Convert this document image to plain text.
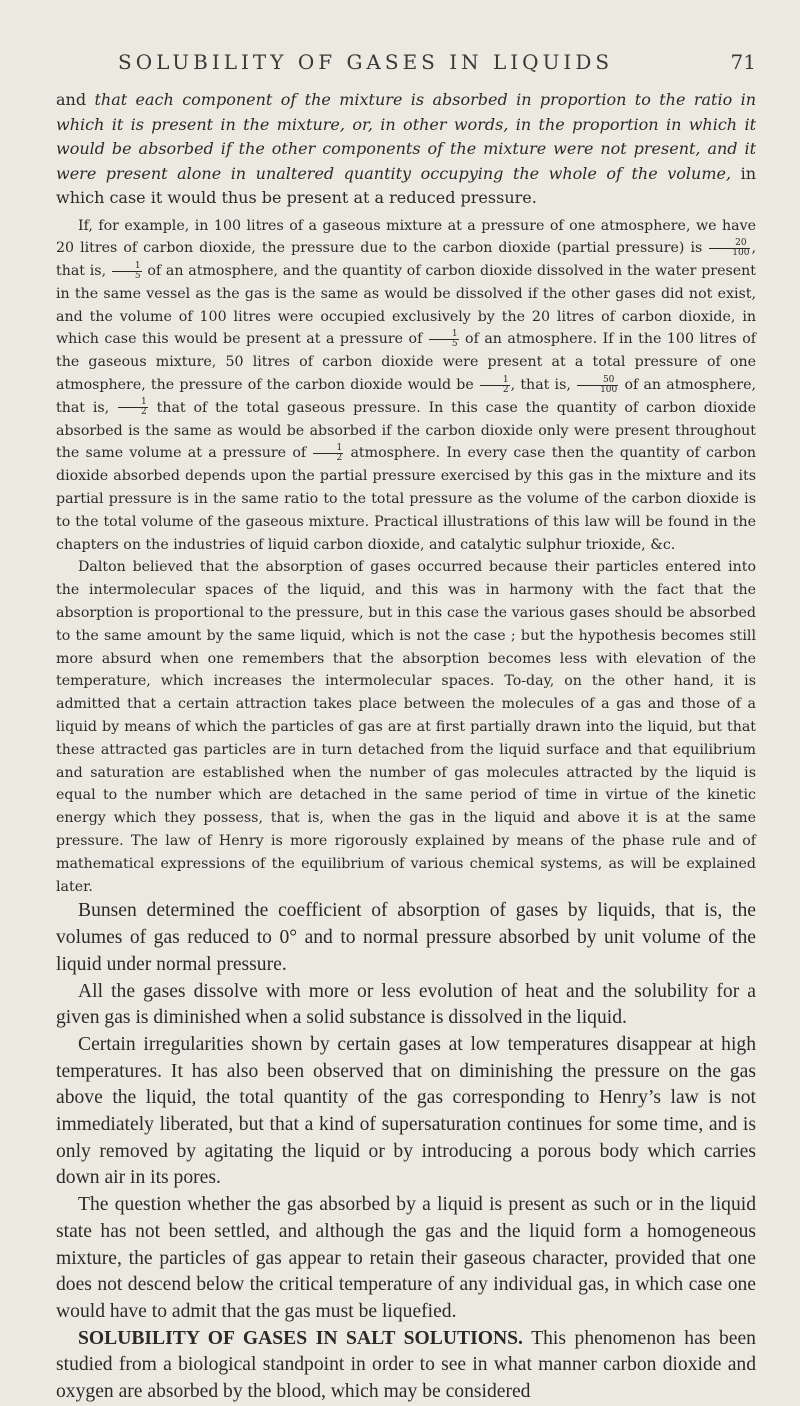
SOLUBILITY OF GASES IN LIQUIDS	71

and that each component of the mixture is absorbed in proportion to the ratio in which it is present in the mixture, or, in other words, in the proportion in which it would be absorbed if the other components of the mixture were not present, and it were present alone in unaltered quantity occupying the whole of the volume, in which case it would thus be present at a reduced pressure.

If, for example, in 100 litres of a gaseous mixture at a pressure of one atmosphere, we have 20 litres of carbon dioxide, the pressure due to the carbon dioxide (partial pressure) is $\frac{20}{100}$ , that is, $\frac{1}{5}$ of an atmosphere, and the quantity of carbon dioxide dissolved in the water present in the same vessel as the gas is the same as would be dissolved if the other gases did not exist, and the volume of 100 litres were occupied exclusively by the 20 litres of carbon dioxide, in which case this would be present at a pressure of $\frac{1}{5}$ of an atmosphere. If in the 100 litres of the gaseous mixture, 50 litres of carbon dioxide were present at a total pressure of one atmosphere, the pressure of the carbon dioxide would be $\frac{1}{2}$ , that is, $\frac{50}{100}$ of an atmosphere, that is, $\frac{1}{2}$ that of the total gaseous pressure. In this case the quantity of carbon dioxide absorbed is the same as would be absorbed if the carbon dioxide only were present throughout the same volume at a pressure of $\frac{1}{2}$ atmosphere. In every case then the quantity of carbon dioxide absorbed depends upon the partial pressure exercised by this gas in the mixture and its partial pressure is in the same ratio to the total pressure as the volume of the carbon dioxide is to the total volume of the gaseous mixture. Practical illustrations of this law will be found in the chapters on the industries of liquid carbon dioxide, and catalytic sulphur trioxide, &c.

Dalton believed that the absorption of gases occurred because their particles entered into the intermolecular spaces of the liquid, and this was in harmony with the fact that the absorption is proportional to the pressure, but in this case the various gases should be absorbed to the same amount by the same liquid, which is not the case ; but the hypothesis becomes still more absurd when one remembers that the absorption becomes less with elevation of the temperature, which increases the intermolecular spaces. To-day, on the other hand, it is admitted that a certain attraction takes place between the molecules of a gas and those of a liquid by means of which the particles of gas are at first partially drawn into the liquid, but that these attracted gas particles are in turn detached from the liquid surface and that equilibrium and saturation are established when the number of gas molecules attracted by the liquid is equal to the number which are detached in the same period of time in virtue of the kinetic energy which they possess, that is, when the gas in the liquid and above it is at the same pressure. The law of Henry is more rigorously explained by means of the phase rule and of mathematical expressions of the equilibrium of various chemical systems, as will be explained later.

Bunsen determined the coefficient of absorption of gases by liquids, that is, the volumes of gas reduced to 0° and to normal pressure absorbed by unit volume of the liquid under normal pressure.

All the gases dissolve with more or less evolution of heat and the solubility for a given gas is diminished when a solid substance is dissolved in the liquid.

Certain irregularities shown by certain gases at low temperatures disappear at high temperatures. It has also been observed that on diminishing the pressure on the gas above the liquid, the total quantity of the gas corresponding to Henry’s law is not immediately liberated, but that a kind of supersaturation continues for some time, and is only removed by agitating the liquid or by introducing a porous body which carries down air in its pores.

The question whether the gas absorbed by a liquid is present as such or in the liquid state has not been settled, and although the gas and the liquid form a homogeneous mixture, the particles of gas appear to retain their gaseous character, provided that one does not descend below the critical temperature of any individual gas, in which case one would have to admit that the gas must be liquefied.

SOLUBILITY OF GASES IN SALT SOLUTIONS. This phenomenon has been studied from a biological standpoint in order to see in what manner carbon dioxide and oxygen are absorbed by the blood, which may be considered
